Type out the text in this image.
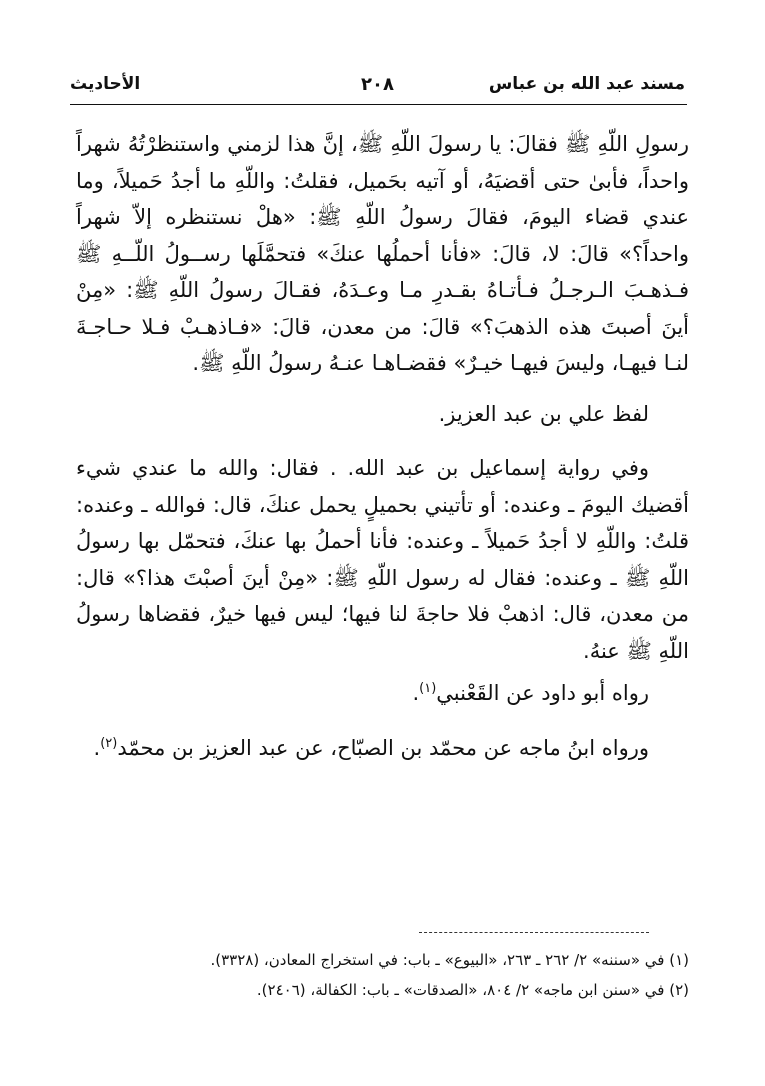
مسند عبد الله بن عباس
٢٠٨
الأحاديث

رسولِ اللّهِ ﷺ فقالَ: يا رسولَ اللّهِ ﷺ، إنَّ هذا لزمني واستنظرْتُهُ شهراً واحداً، فأبىٰ حتى أقضيَهُ، أو آتيه بحَميل، فقلتُ: واللّهِ ما أجدُ حَميلاً، وما عندي قضاء اليومَ، فقالَ رسولُ اللّهِ ﷺ: «هلْ نستنظره إلاّ شهراً واحداً؟» قالَ: لا، قالَ: «فأنا أحملُها عنكَ» فتحمَّلَها رســولُ اللّــهِ ﷺ فـذهـبَ الـرجـلُ فـأتـاهُ بقـدرِ مـا وعـدَهُ، فقـالَ رسولُ اللّهِ ﷺ: «مِنْ أينَ أصبتَ هذه الذهبَ؟» قالَ: من معدن، قالَ: «فـاذهـبْ فـلا حـاجـةَ لنـا فيهـا، وليسَ فيهـا خيـرٌ» فقضـاهـا عنـهُ رسولُ اللّهِ ﷺ.

لفظ علي بن عبد العزيز.

وفي رواية إسماعيل بن عبد الله. . فقال: والله ما عندي شيء أقضيك اليومَ ـ وعنده: أو تأتيني بحميلٍ يحمل عنكَ، قال: فوالله ـ وعنده: قلتُ: واللّهِ لا أجدُ حَميلاً ـ وعنده: فأنا أحملُ بها عنكَ، فتحمّل بها رسولُ اللّهِ ﷺ ـ وعنده: فقال له رسول اللّهِ ﷺ: «مِنْ أينَ أصبْتَ هذا؟» قال: من معدن، قال: اذهبْ فلا حاجةَ لنا فيها؛ ليس فيها خيرٌ، فقضاها رسولُ اللّهِ ﷺ عنهُ.

رواه أبو داود عن القَعْنبي$^{(١)}$.

ورواه ابنُ ماجه عن محمّد بن الصبّاح، عن عبد العزيز بن محمّد$^{(٢)}$.

(١) في «سننه» ٢/ ٢٦٢ ـ ٢٦٣، «البيوع» ـ باب: في استخراج المعادن، (٣٣٢٨).

(٢) في «سنن ابن ماجه» ٢/ ٨٠٤، «الصدقات» ـ باب: الكفالة، (٢٤٠٦).
